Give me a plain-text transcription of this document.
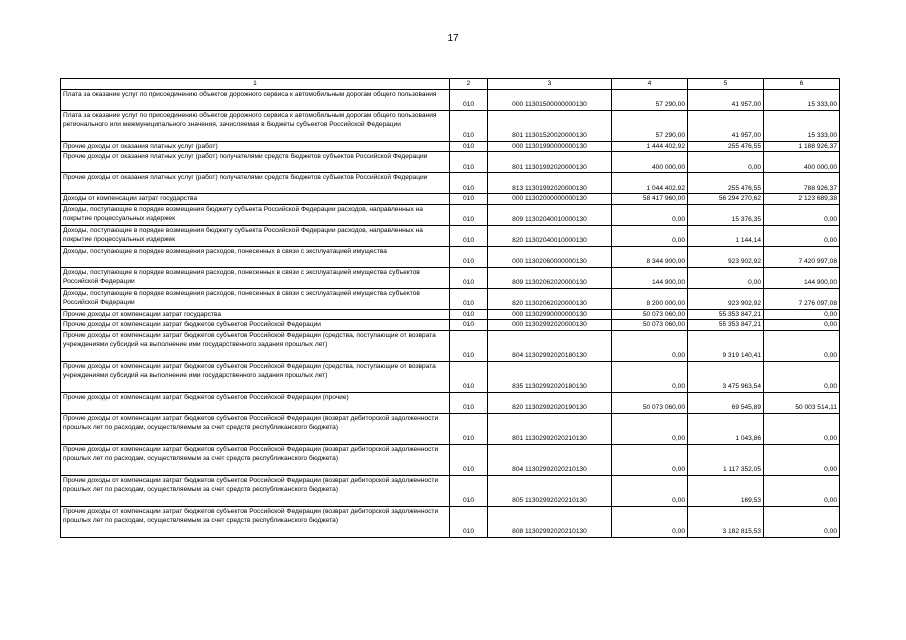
17
1	2	3	4	5	6
Плата за оказание услуг по присоединению объектов дорожного сервиса к автомобильным дорогам общего пользования	010	000 11301500000000130	57 290,00	41 957,00	15 333,00
Плата за оказание услуг по присоединению объектов дорожного сервиса к автомобильным дорогам общего пользования регионального или межмуниципального значения, зачисляемая в бюджеты субъектов Российской Федерации	010	801 11301520020000130	57 290,00	41 957,00	15 333,00
Прочие доходы от оказания платных услуг (работ)	010	000 11301990000000130	1 444 402,92	255 476,55	1 188 926,37
Прочие доходы от оказания платных услуг (работ) получателями средств бюджетов субъектов Российской Федерации	010	801 11301992020000130	400 000,00	0,00	400 000,00
Прочие доходы от оказания платных услуг (работ) получателями средств бюджетов субъектов Российской Федерации	010	813 11301992020000130	1 044 402,92	255 476,55	788 926,37
Доходы от компенсации затрат государства	010	000 11302000000000130	58 417 960,00	56 294 270,62	2 123 689,38
Доходы, поступающие в порядке возмещения бюджету субъекта Российской Федерации расходов, направленных на покрытие процессуальных издержек	010	809 11302040010000130	0,00	15 376,35	0,00
Доходы, поступающие в порядке возмещения бюджету субъекта Российской Федерации расходов, направленных на покрытие процессуальных издержек	010	820 11302040010000130	0,00	1 144,14	0,00
Доходы, поступающие в порядке возмещения расходов, понесенных в связи с эксплуатацией имущества	010	000 11302060000000130	8 344 900,00	923 902,92	7 420 997,08
Доходы, поступающие в порядке возмещения расходов, понесенных в связи с эксплуатацией имущества субъектов Российской Федерации	010	809 11302062020000130	144 900,00	0,00	144 900,00
Доходы, поступающие в порядке возмещения расходов, понесенных в связи с эксплуатацией имущества субъектов Российской Федерации	010	820 11302062020000130	8 200 000,00	923 902,92	7 276 097,08
Прочие доходы от компенсации затрат государства	010	000 11302990000000130	50 073 060,00	55 353 847,21	0,00
Прочие доходы от компенсации затрат бюджетов субъектов Российской Федерации	010	000 11302992020000130	50 073 060,00	55 353 847,21	0,00
Прочие доходы от компенсации затрат бюджетов субъектов Российской Федерации (средства, поступающие от возврата учреждениями субсидий на выполнение ими государственного задания прошлых лет)	010	804 11302992020180130	0,00	9 319 140,41	0,00
Прочие доходы от компенсации затрат бюджетов субъектов Российской Федерации (средства, поступающие от возврата учреждениями субсидий на выполнение ими государственного задания прошлых лет)	010	835 11302992020180130	0,00	3 475 963,54	0,00
Прочие доходы от компенсации затрат бюджетов субъектов Российской Федерации (прочие)	010	820 11302992020190130	50 073 060,00	69 545,89	50 003 514,11
Прочие доходы от компенсации затрат бюджетов субъектов Российской Федерации (возврат дебиторской задолженности прошлых лет по расходам, осуществляемым за счет средств республиканского бюджета)	010	801 11302992020210130	0,00	1 043,86	0,00
Прочие доходы от компенсации затрат бюджетов субъектов Российской Федерации (возврат дебиторской задолженности прошлых лет по расходам, осуществляемым за счет средств республиканского бюджета)	010	804 11302992020210130	0,00	1 117 352,05	0,00
Прочие доходы от компенсации затрат бюджетов субъектов Российской Федерации (возврат дебиторской задолженности прошлых лет по расходам, осуществляемым за счет средств республиканского бюджета)	010	805 11302992020210130	0,00	169,53	0,00
Прочие доходы от компенсации затрат бюджетов субъектов Российской Федерации (возврат дебиторской задолженности прошлых лет по расходам, осуществляемым за счет средств республиканского бюджета)	010	808 11302992020210130	0,00	3 182 815,53	0,00
